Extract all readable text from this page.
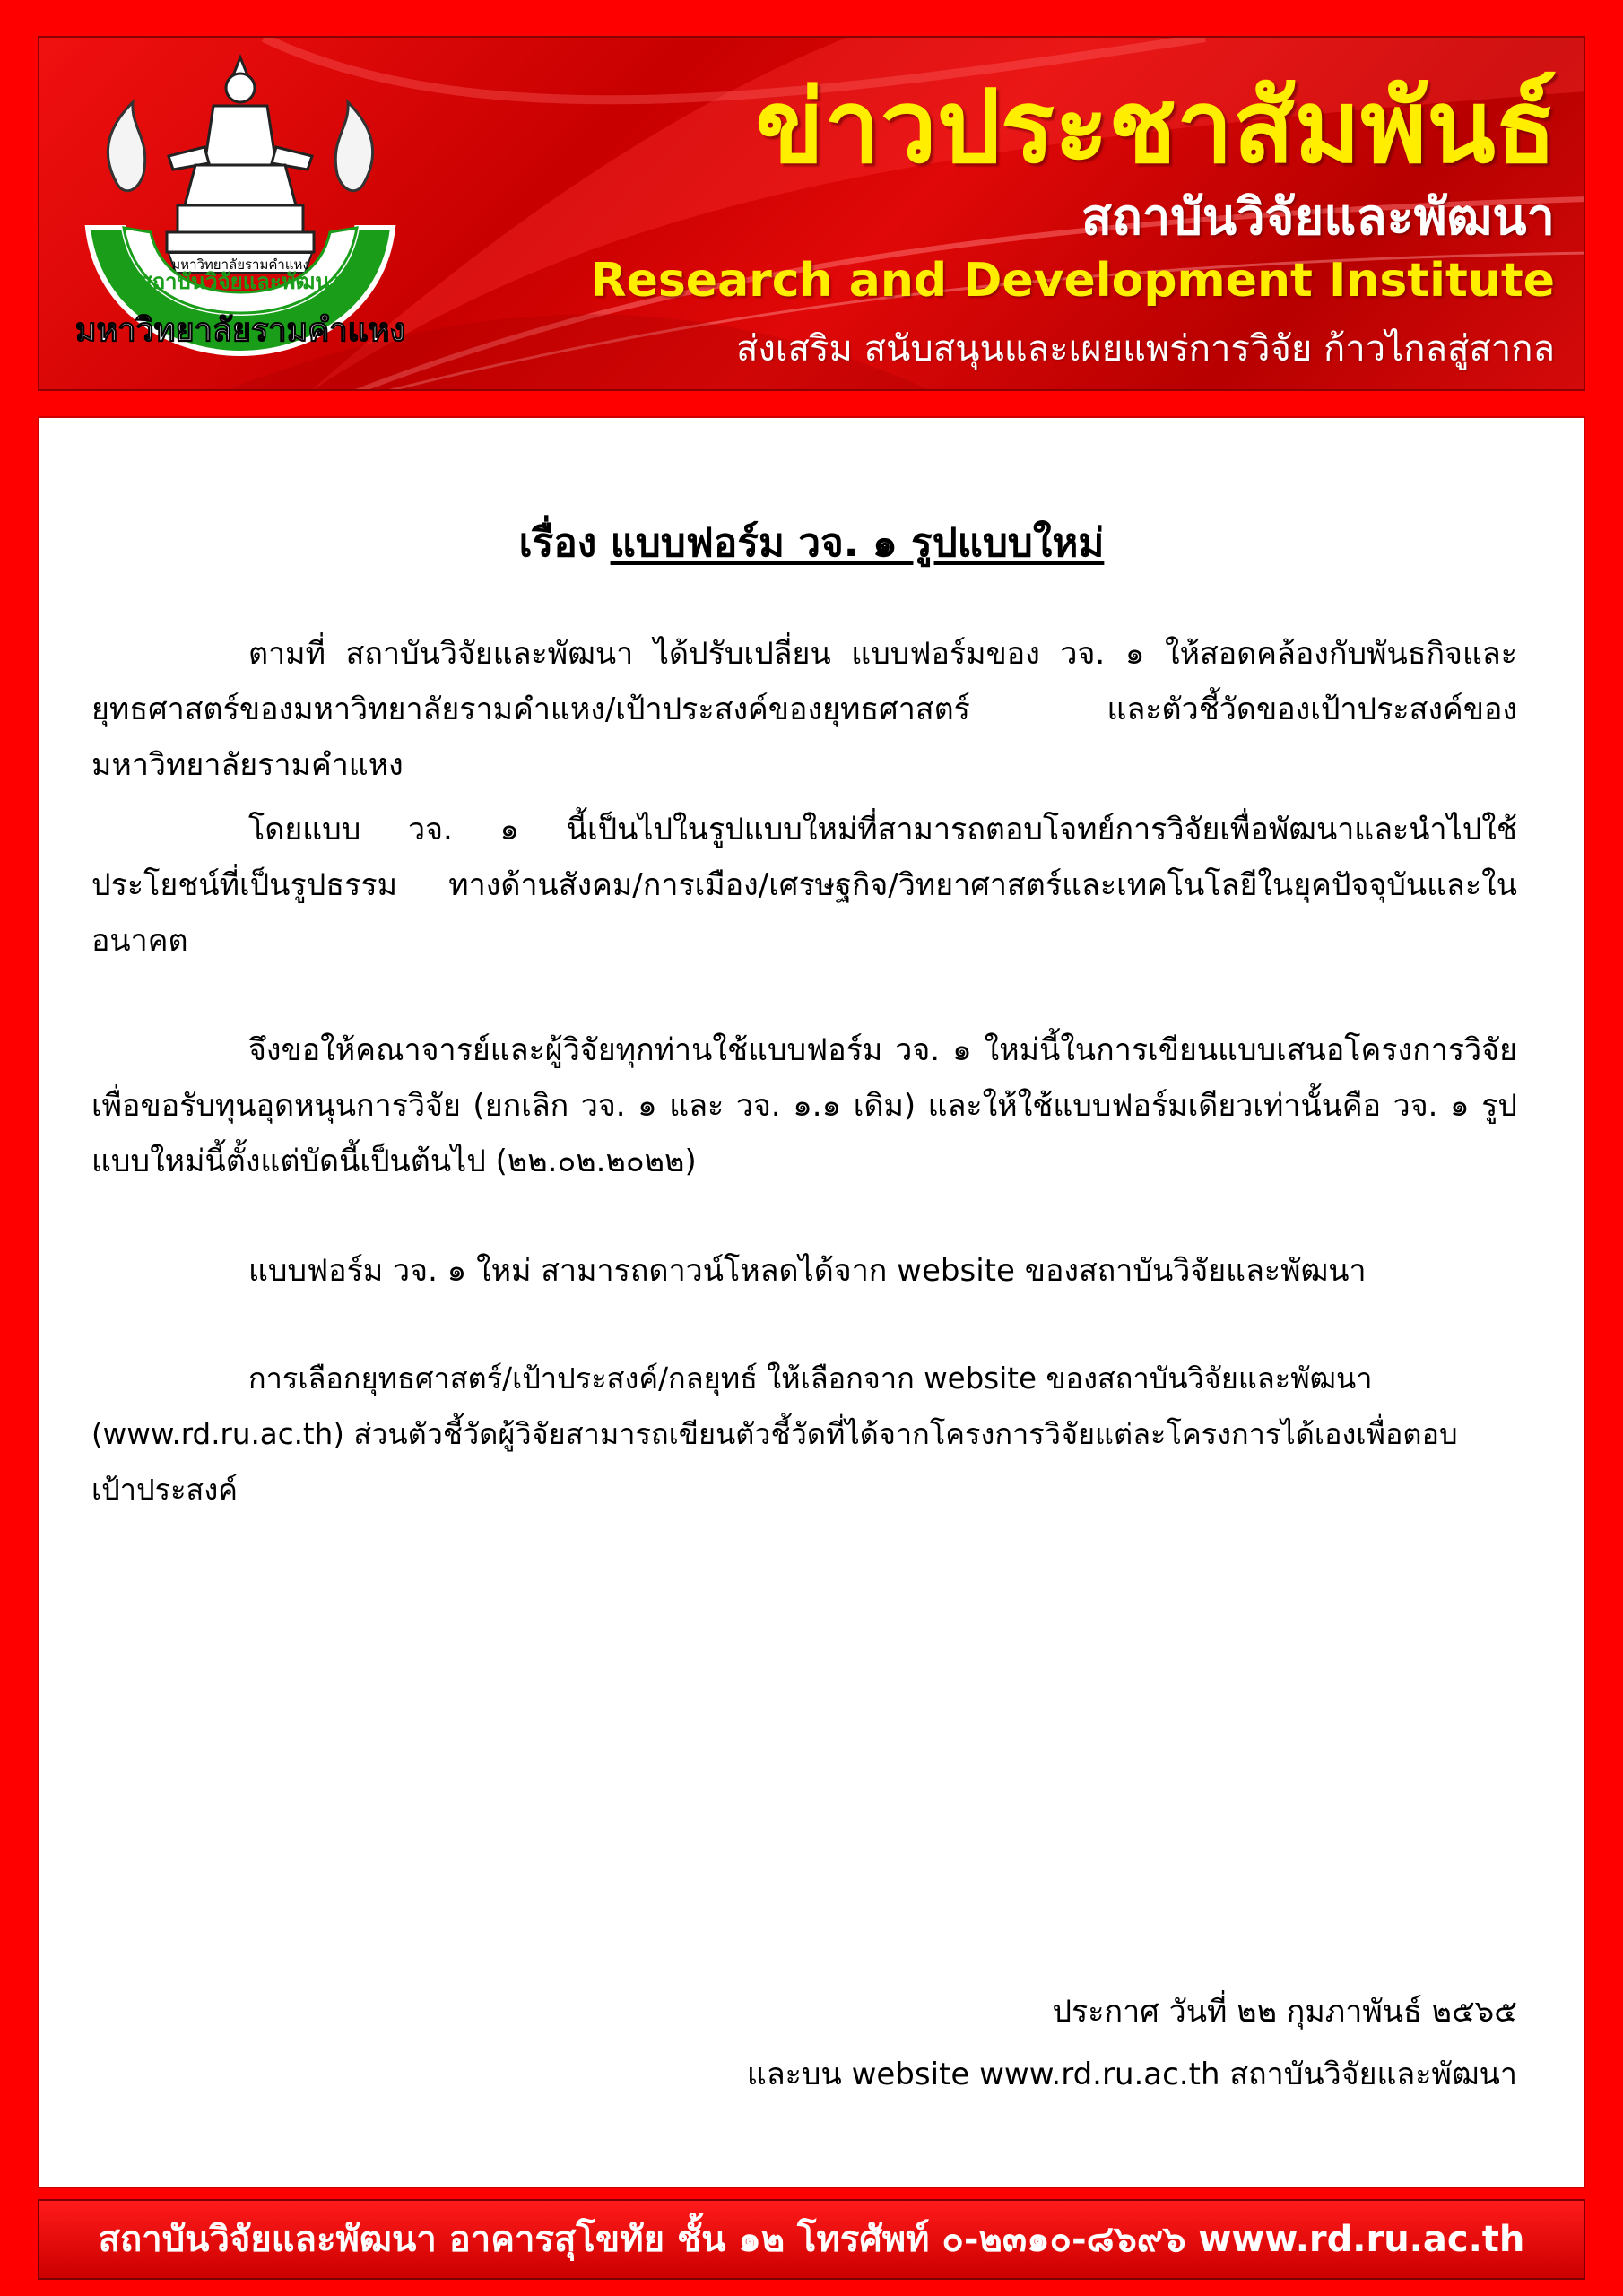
มหาวิทยาลัยรามคำแหง
สถาบันวิจัยและพัฒนา
มหาวิทยาลัยรามคำแหง
ข่าวประชาสัมพันธ์
สถาบันวิจัยและพัฒนา
Research and Development Institute
ส่งเสริม สนับสนุนและเผยแพร่การวิจัย ก้าวไกลสู่สากล
เรื่อง แบบฟอร์ม วจ. ๑ รูปแบบใหม่

ตามที่ สถาบันวิจัยและพัฒนา ได้ปรับเปลี่ยน แบบฟอร์มของ วจ. ๑ ให้สอดคล้องกับพันธกิจและยุทธศาสตร์ของมหาวิทยาลัยรามคำแหง/เป้าประสงค์ของยุทธศาสตร์ และตัวชี้วัดของเป้าประสงค์ของมหาวิทยาลัยรามคำแหง

โดยแบบ วจ. ๑ นี้เป็นไปในรูปแบบใหม่ที่สามารถตอบโจทย์การวิจัยเพื่อพัฒนาและนำไปใช้ประโยชน์ที่เป็นรูปธรรม ทางด้านสังคม/การเมือง/เศรษฐกิจ/วิทยาศาสตร์และเทคโนโลยีในยุคปัจจุบันและในอนาคต

จึงขอให้คณาจารย์และผู้วิจัยทุกท่านใช้แบบฟอร์ม วจ. ๑ ใหม่นี้ในการเขียนแบบเสนอโครงการวิจัยเพื่อขอรับทุนอุดหนุนการวิจัย (ยกเลิก วจ. ๑ และ วจ. ๑.๑ เดิม) และให้ใช้แบบฟอร์มเดียวเท่านั้นคือ วจ. ๑ รูปแบบใหม่นี้ตั้งแต่บัดนี้เป็นต้นไป (๒๒.๐๒.๒๐๒๒)

แบบฟอร์ม วจ. ๑ ใหม่ สามารถดาวน์โหลดได้จาก website ของสถาบันวิจัยและพัฒนา

การเลือกยุทธศาสตร์/เป้าประสงค์/กลยุทธ์ ให้เลือกจาก website ของสถาบันวิจัยและพัฒนา (www.rd.ru.ac.th) ส่วนตัวชี้วัดผู้วิจัยสามารถเขียนตัวชี้วัดที่ได้จากโครงการวิจัยแต่ละโครงการได้เองเพื่อตอบเป้าประสงค์

ประกาศ วันที่ ๒๒ กุมภาพันธ์ ๒๕๖๕
และบน website www.rd.ru.ac.th สถาบันวิจัยและพัฒนา
สถาบันวิจัยและพัฒนา อาคารสุโขทัย ชั้น ๑๒ โทรศัพท์ ๐-๒๓๑๐-๘๖๙๖ www.rd.ru.ac.th
